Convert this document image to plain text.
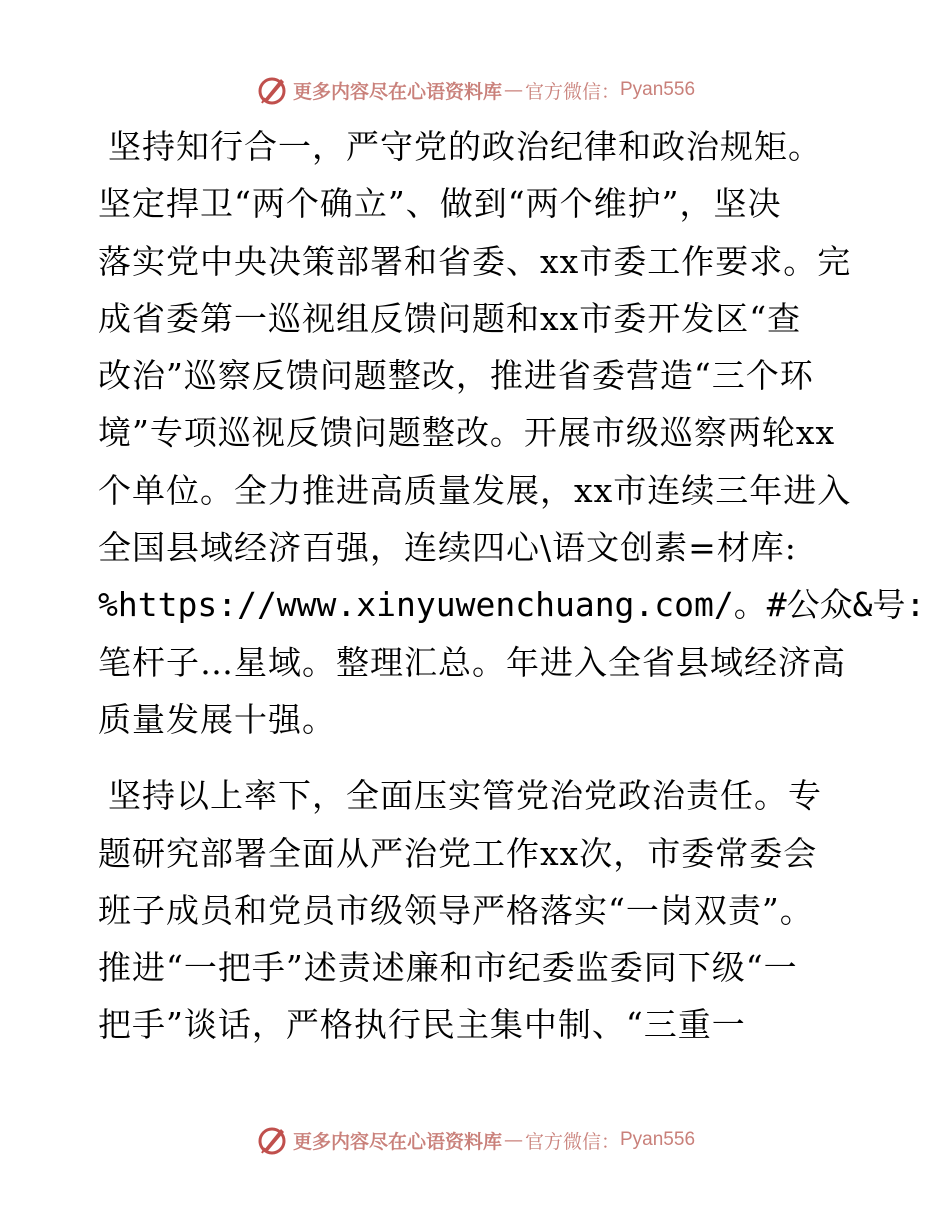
更多内容尽在心语资料库 — 官方微信： Pyan556

坚持知行合一，严守党的政治纪律和政治规矩。
坚定捍卫“两个确立”、做到“两个维护”，坚决
落实党中央决策部署和省委、xx市委工作要求。完
成省委第一巡视组反馈问题和xx市委开发区“查
改治”巡察反馈问题整改，推进省委营造“三个环
境”专项巡视反馈问题整改。开展市级巡察两轮xx
个单位。全力推进高质量发展，xx市连续三年进入
全国县域经济百强，连续四心\语文创素=材库:
%https://www.xinyuwenchuang.com/。#公众&号:
笔杆子…星域。整理汇总。年进入全省县域经济高
质量发展十强。

坚持以上率下，全面压实管党治党政治责任。专
题研究部署全面从严治党工作xx次，市委常委会
班子成员和党员市级领导严格落实“一岗双责”。
推进“一把手”述责述廉和市纪委监委同下级“一
把手”谈话，严格执行民主集中制、“三重一

更多内容尽在心语资料库 — 官方微信： Pyan556
